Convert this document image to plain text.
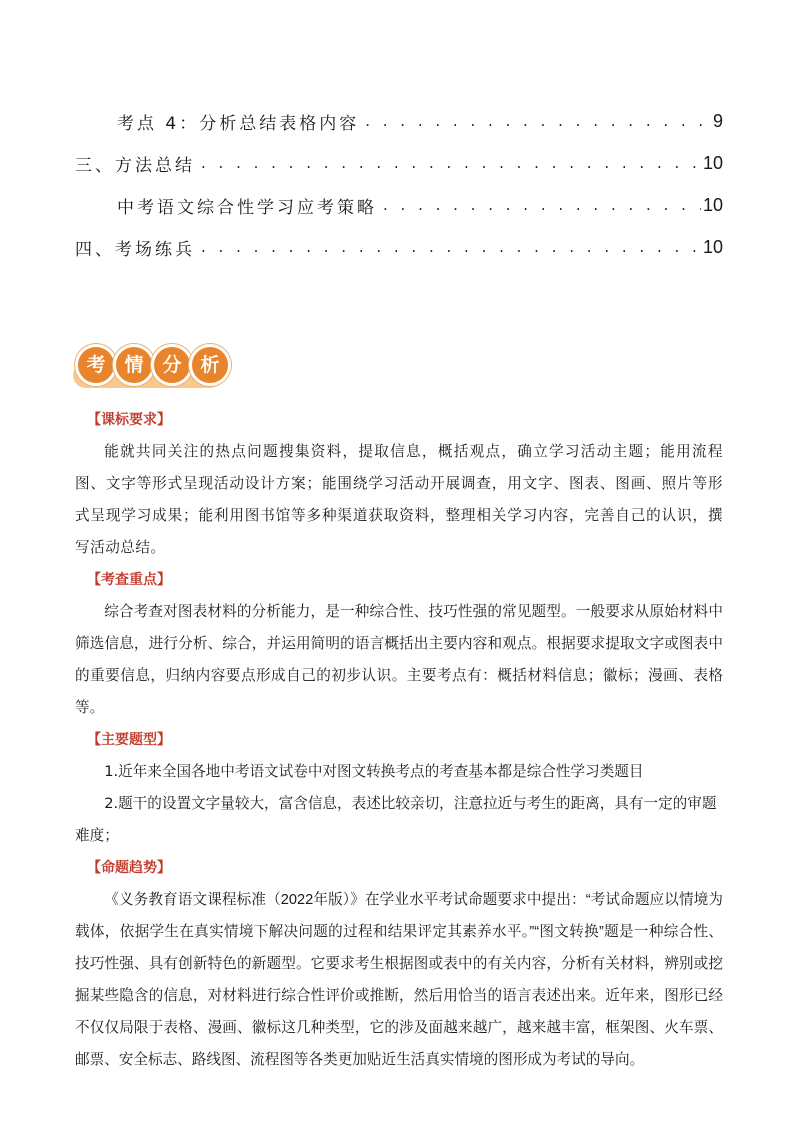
考点 4：分析总结表格内容 . . .	9
三、方法总结 . . .	10
中考语文综合性学习应考策略 . . .	10
四、考场练兵 . . .	10
考 情 分 析
【课标要求】

能就共同关注的热点问题搜集资料，提取信息，概括观点，确立学习活动主题；能用流程图、文字等形式呈现活动设计方案；能围绕学习活动开展调查，用文字、图表、图画、照片等形式呈现学习成果；能利用图书馆等多种渠道获取资料，整理相关学习内容，完善自己的认识，撰写活动总结。

【考查重点】

综合考查对图表材料的分析能力，是一种综合性、技巧性强的常见题型。一般要求从原始材料中筛选信息，进行分析、综合，并运用简明的语言概括出主要内容和观点。根据要求提取文字或图表中的重要信息，归纳内容要点形成自己的初步认识。主要考点有：概括材料信息；徽标；漫画、表格等。

【主要题型】

1.近年来全国各地中考语文试卷中对图文转换考点的考查基本都是综合性学习类题目

2.题干的设置文字量较大，富含信息，表述比较亲切，注意拉近与考生的距离，具有一定的审题难度；

【命题趋势】

《义务教育语文课程标准（2022年版）》在学业水平考试命题要求中提出：“考试命题应以情境为载体，依据学生在真实情境下解决问题的过程和结果评定其素养水平。”“图文转换”题是一种综合性、技巧性强、具有创新特色的新题型。它要求考生根据图或表中的有关内容，分析有关材料，辨别或挖掘某些隐含的信息，对材料进行综合性评价或推断，然后用恰当的语言表述出来。近年来，图形已经不仅仅局限于表格、漫画、徽标这几种类型，它的涉及面越来越广，越来越丰富，框架图、火车票、邮票、安全标志、路线图、流程图等各类更加贴近生活真实情境的图形成为考试的导向。
